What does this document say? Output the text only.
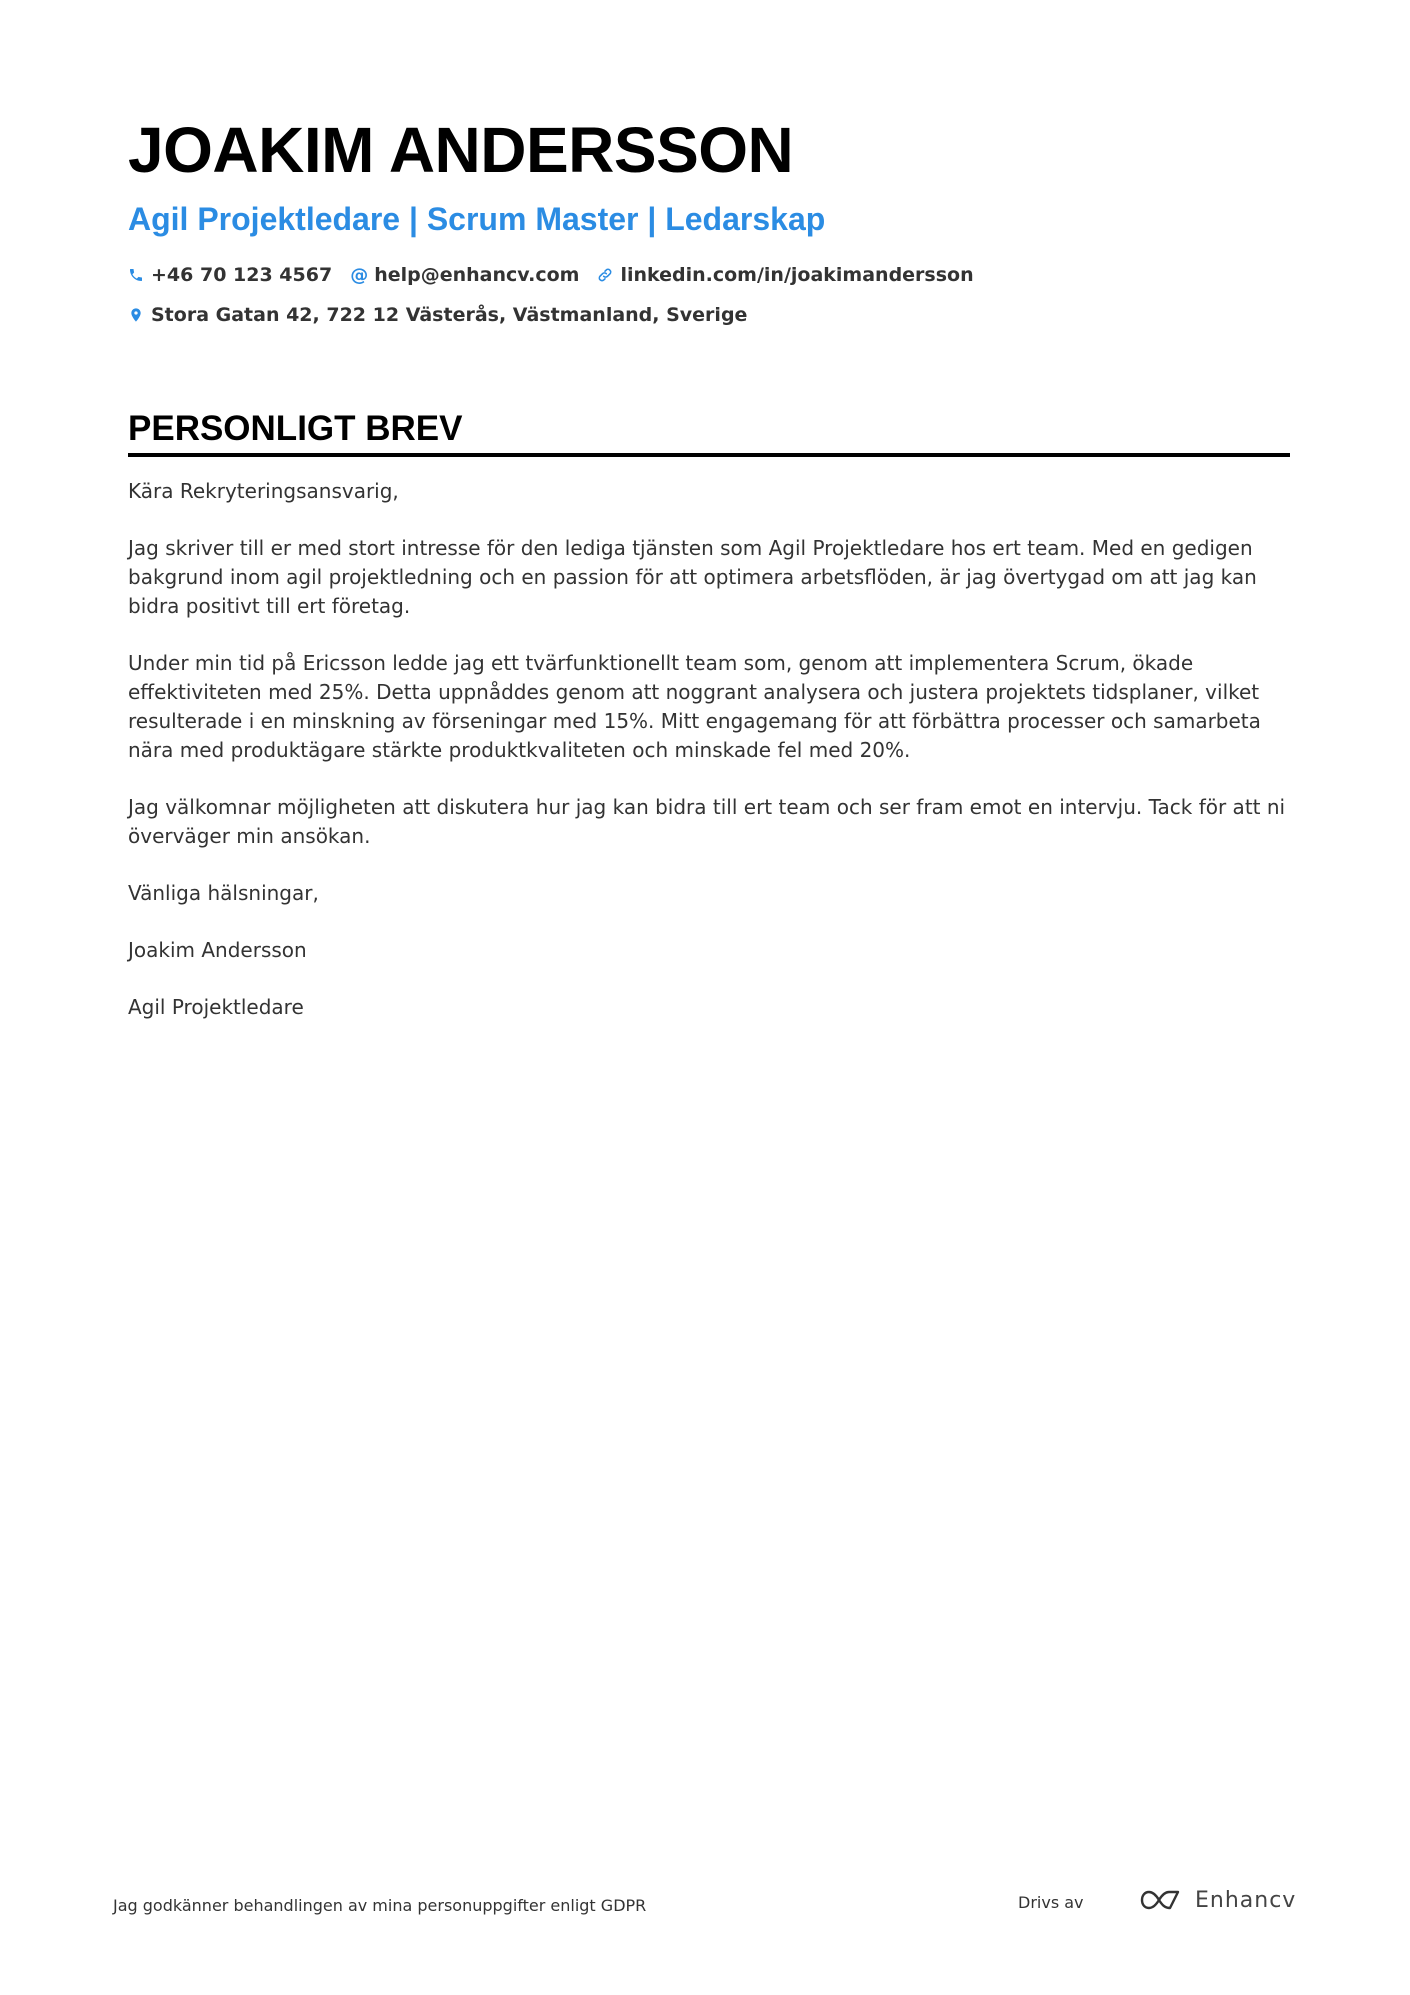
JOAKIM ANDERSSON
Agil Projektledare | Scrum Master | Ledarskap
+46 70 123 4567 @ help@enhancv.com linkedin.com/in/joakimandersson
Stora Gatan 42, 722 12 Västerås, Västmanland, Sverige
PERSONLIGT BREV

Kära Rekryteringsansvarig,

Jag skriver till er med stort intresse för den lediga tjänsten som Agil Projektledare hos ert team. Med en gedigen bakgrund inom agil projektledning och en passion för att optimera arbetsflöden, är jag övertygad om att jag kan bidra positivt till ert företag.

Under min tid på Ericsson ledde jag ett tvärfunktionellt team som, genom att implementera Scrum, ökade effektiviteten med 25%. Detta uppnåddes genom att noggrant analysera och justera projektets tidsplaner, vilket resulterade i en minskning av förseningar med 15%. Mitt engagemang för att förbättra processer och samarbeta nära med produktägare stärkte produktkvaliteten och minskade fel med 20%.

Jag välkomnar möjligheten att diskutera hur jag kan bidra till ert team och ser fram emot en intervju. Tack för att ni överväger min ansökan.

Vänliga hälsningar,

Joakim Andersson

Agil Projektledare

Jag godkänner behandlingen av mina personuppgifter enligt GDPR	Drivs av	Enhancv
